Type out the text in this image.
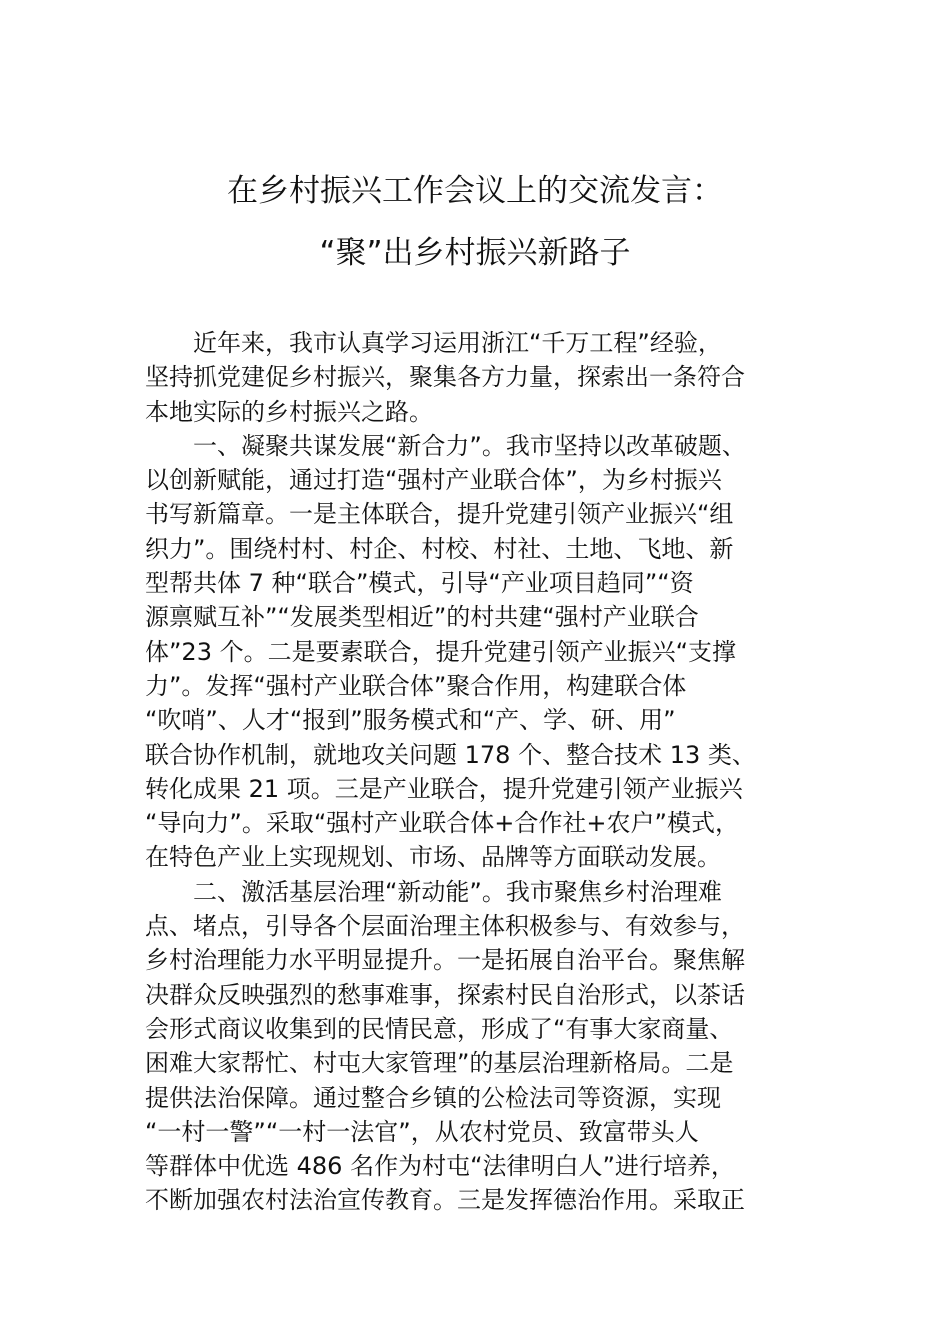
在乡村振兴工作会议上的交流发言：
“聚”出乡村振兴新路子
　　近年来，我市认真学习运用浙江“千万工程”经验，
坚持抓党建促乡村振兴，聚集各方力量，探索出一条符合
本地实际的乡村振兴之路。
　　一、凝聚共谋发展“新合力”。我市坚持以改革破题、
以创新赋能，通过打造“强村产业联合体”，为乡村振兴
书写新篇章。一是主体联合，提升党建引领产业振兴“组
织力”。围绕村村、村企、村校、村社、土地、飞地、新
型帮共体 7 种“联合”模式，引导“产业项目趋同”“资
源禀赋互补”“发展类型相近”的村共建“强村产业联合
体”23 个。二是要素联合，提升党建引领产业振兴“支撑
力”。发挥“强村产业联合体”聚合作用，构建联合体
“吹哨”、人才“报到”服务模式和“产、学、研、用”
联合协作机制，就地攻关问题 178 个、整合技术 13 类、
转化成果 21 项。三是产业联合，提升党建引领产业振兴
“导向力”。采取“强村产业联合体+合作社+农户”模式，
在特色产业上实现规划、市场、品牌等方面联动发展。
　　二、激活基层治理“新动能”。我市聚焦乡村治理难
点、堵点，引导各个层面治理主体积极参与、有效参与，
乡村治理能力水平明显提升。一是拓展自治平台。聚焦解
决群众反映强烈的愁事难事，探索村民自治形式，以茶话
会形式商议收集到的民情民意，形成了“有事大家商量、
困难大家帮忙、村屯大家管理”的基层治理新格局。二是
提供法治保障。通过整合乡镇的公检法司等资源，实现
“一村一警”“一村一法官”，从农村党员、致富带头人
等群体中优选 486 名作为村屯“法律明白人”进行培养，
不断加强农村法治宣传教育。三是发挥德治作用。采取正
